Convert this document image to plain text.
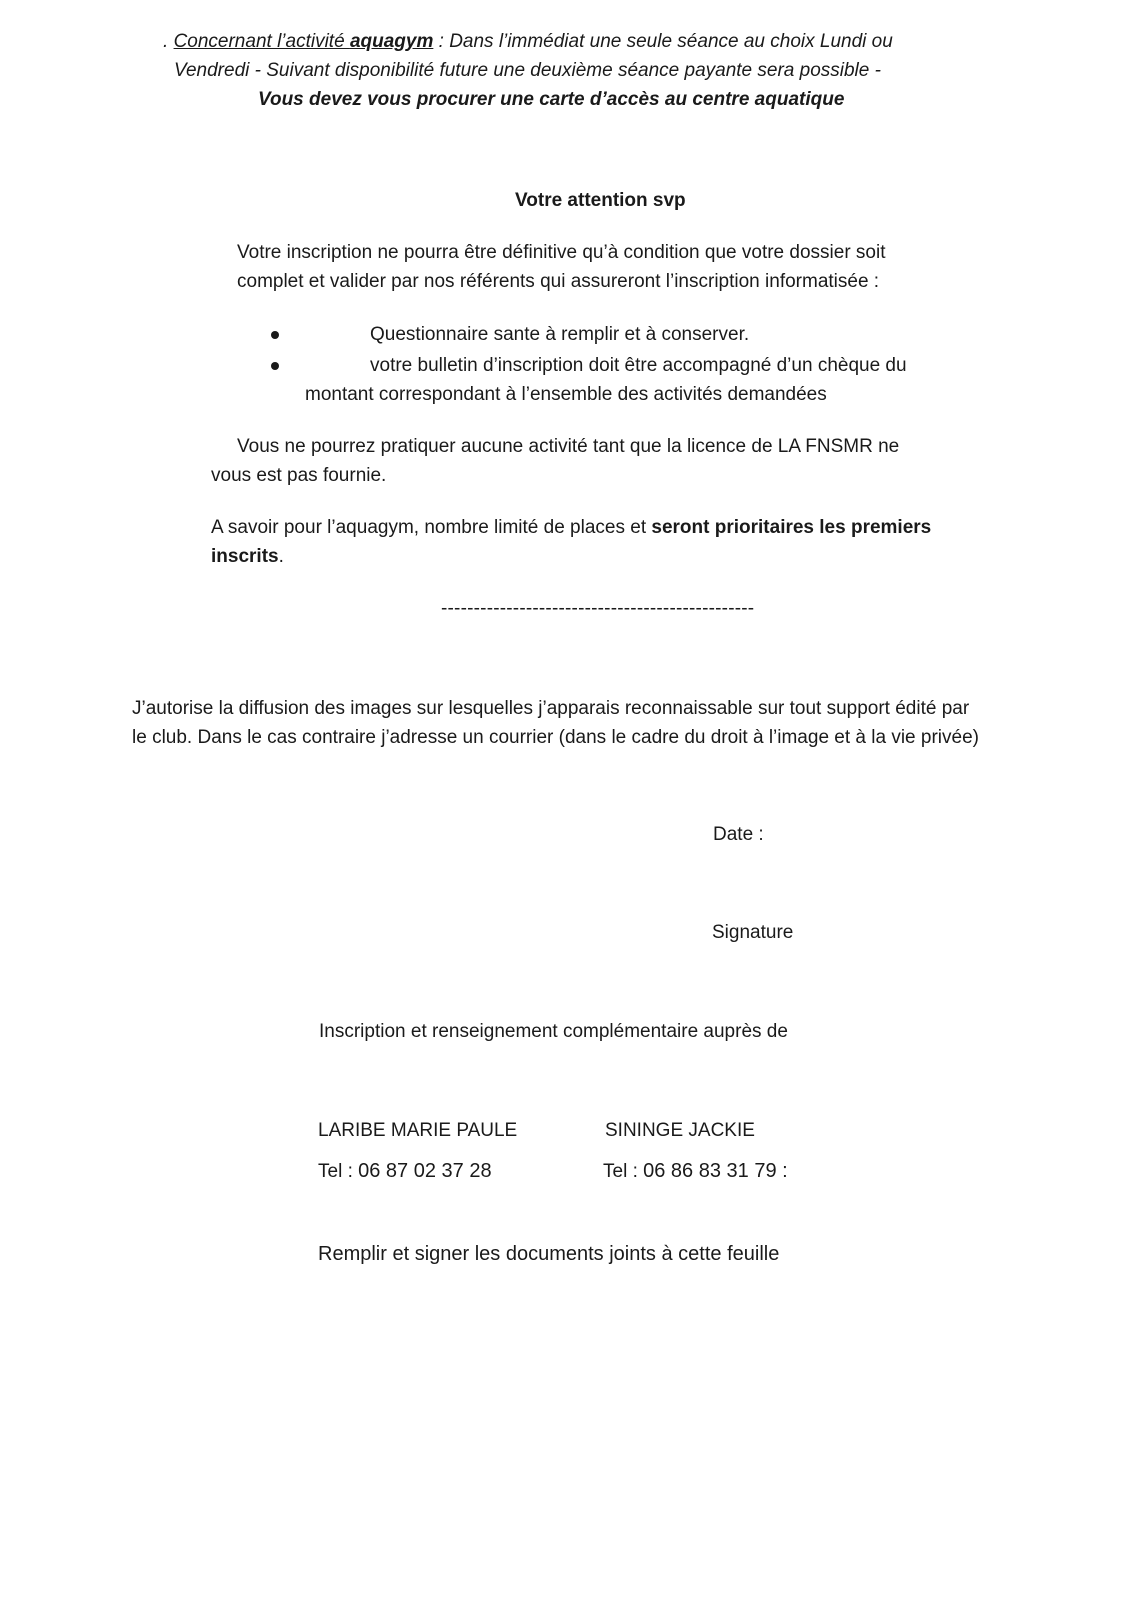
. Concernant l’activité aquagym : Dans l’immédiat une seule séance au choix Lundi ou
Vendredi - Suivant disponibilité future une deuxième séance payante sera possible -
Vous devez vous procurer une carte d’accès au centre aquatique
Votre attention svp
Votre inscription ne pourra être définitive qu’à condition que votre dossier soit
complet et valider par nos référents qui assureront l’inscription informatisée :
Questionnaire sante à remplir et à conserver.
votre bulletin d’inscription doit être accompagné d’un chèque du
montant correspondant à l’ensemble des activités demandées
Vous ne pourrez pratiquer aucune activité tant que la licence de LA FNSMR ne
vous est pas fournie.
A savoir pour l’aquagym, nombre limité de places et seront prioritaires les premiers
inscrits.
------------------------------------------------
J’autorise la diffusion des images sur lesquelles j’apparais reconnaissable sur tout support édité par
le club. Dans le cas contraire j’adresse un courrier (dans le cadre du droit à l’image et à la vie privée)
Date :
Signature
Inscription et renseignement complémentaire auprès de
LARIBE MARIE PAULE	SININGE JACKIE
Tel : 06 87 02 37 28	Tel : 06 86 83 31 79 :
Remplir et signer les documents joints à cette feuille
